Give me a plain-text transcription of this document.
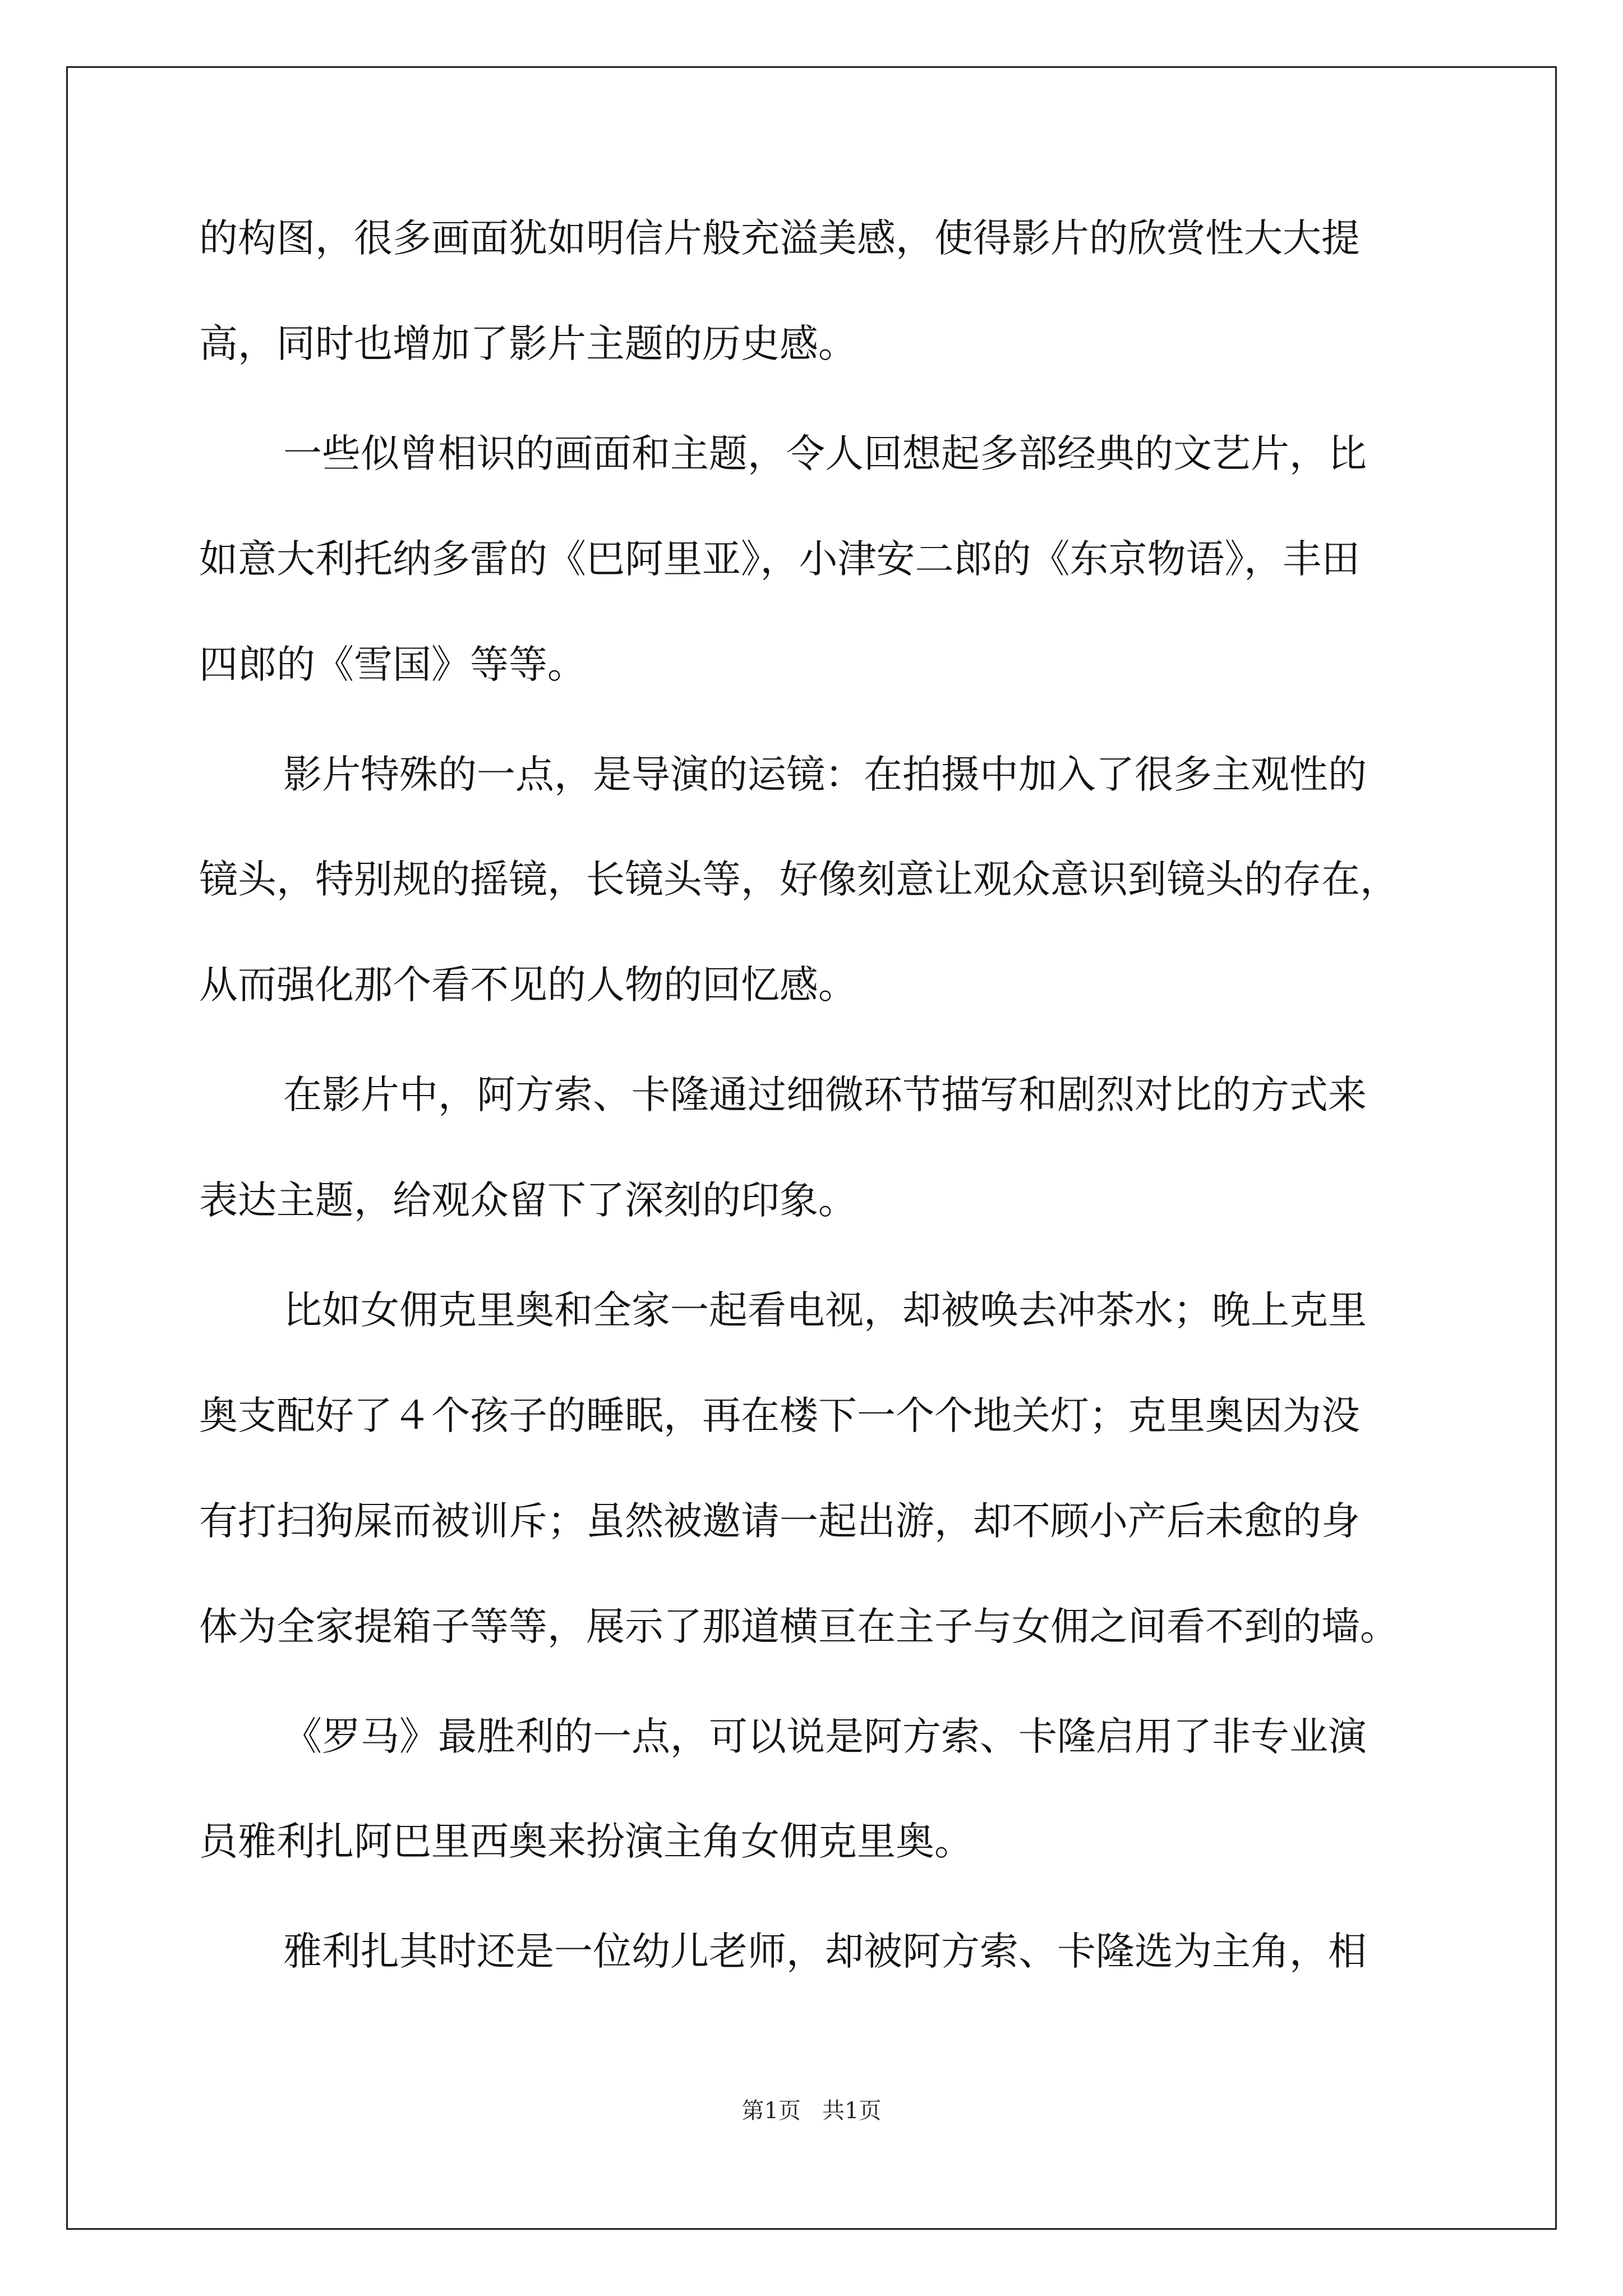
的构图，很多画面犹如明信片般充溢美感，使得影片的欣赏性大大提
高，同时也增加了影片主题的历史感。
一些似曾相识的画面和主题，令人回想起多部经典的文艺片，比
如意大利托纳多雷的《巴阿里亚》，小津安二郎的《东京物语》，丰田
四郎的《雪国》等等。
影片特殊的一点，是导演的运镜：在拍摄中加入了很多主观性的
镜头，特别规的摇镜，长镜头等，好像刻意让观众意识到镜头的存在，
从而强化那个看不见的人物的回忆感。
在影片中，阿方索、卡隆通过细微环节描写和剧烈对比的方式来
表达主题，给观众留下了深刻的印象。
比如女佣克里奥和全家一起看电视，却被唤去冲茶水；晚上克里
奥支配好了４个孩子的睡眠，再在楼下一个个地关灯；克里奥因为没
有打扫狗屎而被训斥；虽然被邀请一起出游，却不顾小产后未愈的身
体为全家提箱子等等，展示了那道横亘在主子与女佣之间看不到的墙。
《罗马》最胜利的一点，可以说是阿方索、卡隆启用了非专业演
员雅利扎阿巴里西奥来扮演主角女佣克里奥。
雅利扎其时还是一位幼儿老师，却被阿方索、卡隆选为主角，相
第1页   共1页
